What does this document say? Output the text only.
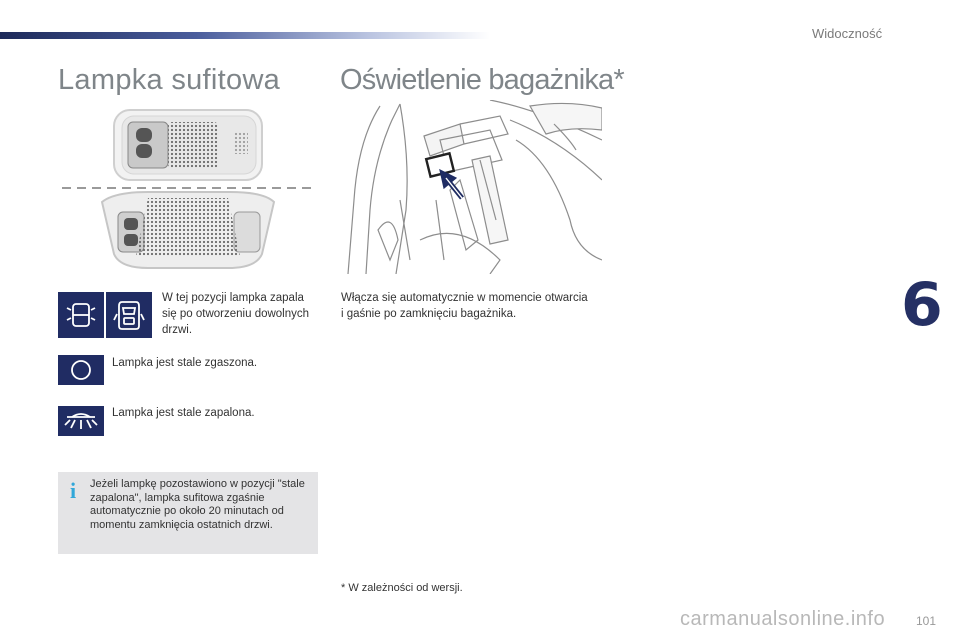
Widoczność
Lampka sufitowa Oświetlenie bagażnika*
W tej pozycji lampka zapala się po otworzeniu dowolnych drzwi.
Lampka jest stale zgaszona.
Lampka jest stale zapalona.
i Jeżeli lampkę pozostawiono w pozycji "stale zapalona", lampka sufitowa zgaśnie automatycznie po około 20 minutach od momentu zamknięcia ostatnich drzwi.

Włącza się automatycznie w momencie otwarcia i gaśnie po zamknięciu bagażnika.
* W zależności od wersji.
6
carmanualsonline.info	101
